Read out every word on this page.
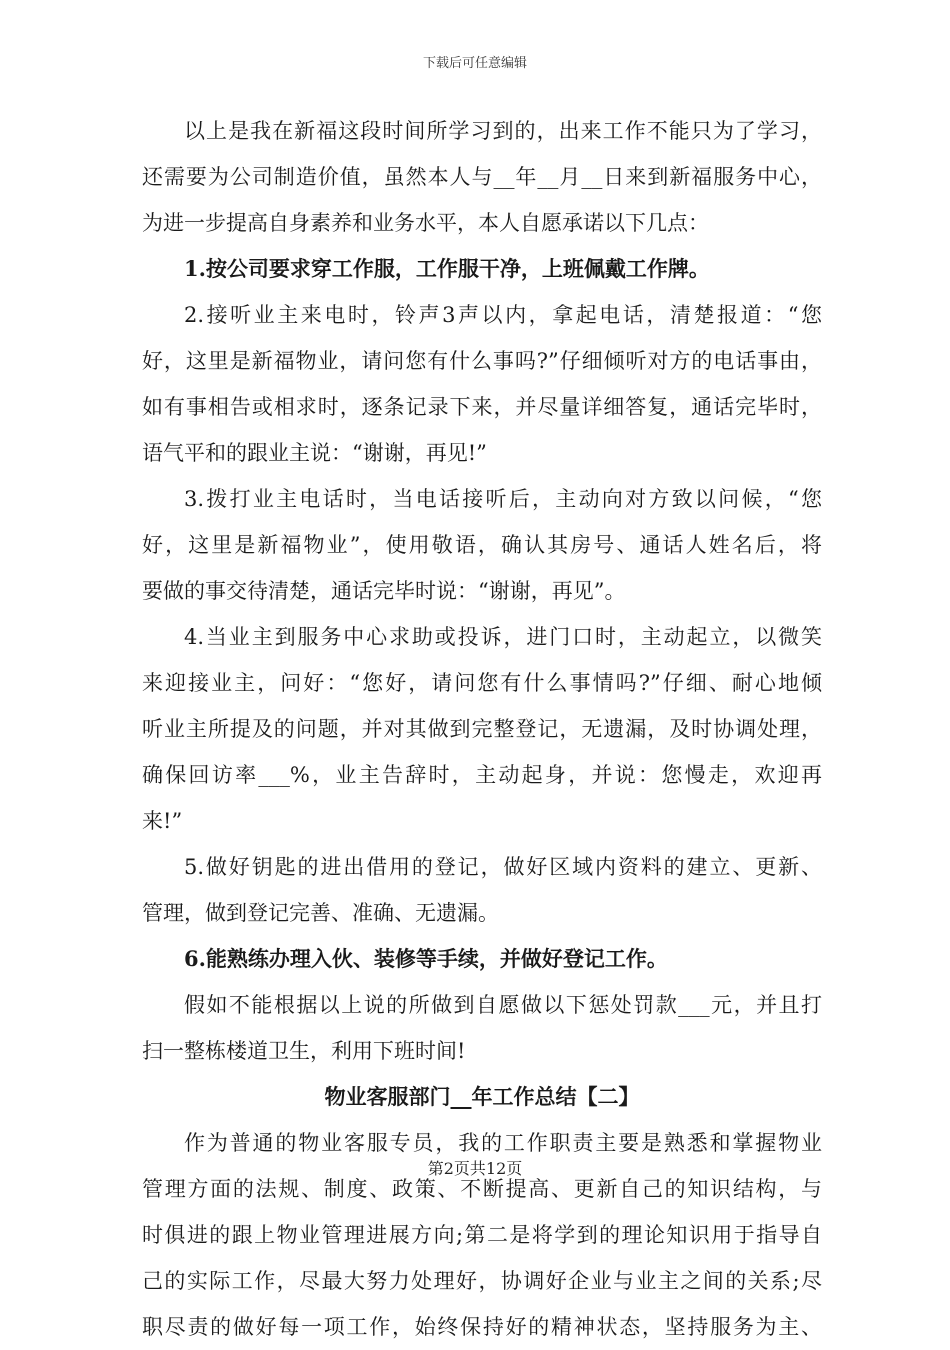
下载后可任意编辑
以上是我在新福这段时间所学习到的，出来工作不能只为了学习，
还需要为公司制造价值，虽然本人与__年__月__日来到新福服务中心，
为进一步提高自身素养和业务水平，本人自愿承诺以下几点：
1.按公司要求穿工作服，工作服干净，上班佩戴工作牌。
2.接听业主来电时，铃声3声以内，拿起电话，清楚报道：“您
好，这里是新福物业，请问您有什么事吗?”仔细倾听对方的电话事由，
如有事相告或相求时，逐条记录下来，并尽量详细答复，通话完毕时，
语气平和的跟业主说：“谢谢，再见!”
3.拨打业主电话时，当电话接听后，主动向对方致以问候，“您
好，这里是新福物业”，使用敬语，确认其房号、通话人姓名后，将
要做的事交待清楚，通话完毕时说：“谢谢，再见”。
4.当业主到服务中心求助或投诉，进门口时，主动起立，以微笑
来迎接业主，问好：“您好，请问您有什么事情吗?”仔细、耐心地倾
听业主所提及的问题，并对其做到完整登记，无遗漏，及时协调处理，
确保回访率___%，业主告辞时，主动起身，并说：您慢走，欢迎再
来!”
5.做好钥匙的进出借用的登记，做好区域内资料的建立、更新、
管理，做到登记完善、准确、无遗漏。
6.能熟练办理入伙、装修等手续，并做好登记工作。
假如不能根据以上说的所做到自愿做以下惩处罚款___元，并且打
扫一整栋楼道卫生，利用下班时间!
物业客服部门__年工作总结【二】
作为普通的物业客服专员，我的工作职责主要是熟悉和掌握物业
管理方面的法规、制度、政策、不断提高、更新自己的知识结构，与
时俱进的跟上物业管理进展方向;第二是将学到的理论知识用于指导自
己的实际工作，尽最大努力处理好，协调好企业与业主之间的关系;尽
职尽责的做好每一项工作，始终保持好的精神状态，坚持服务为主、
第2页共12页
